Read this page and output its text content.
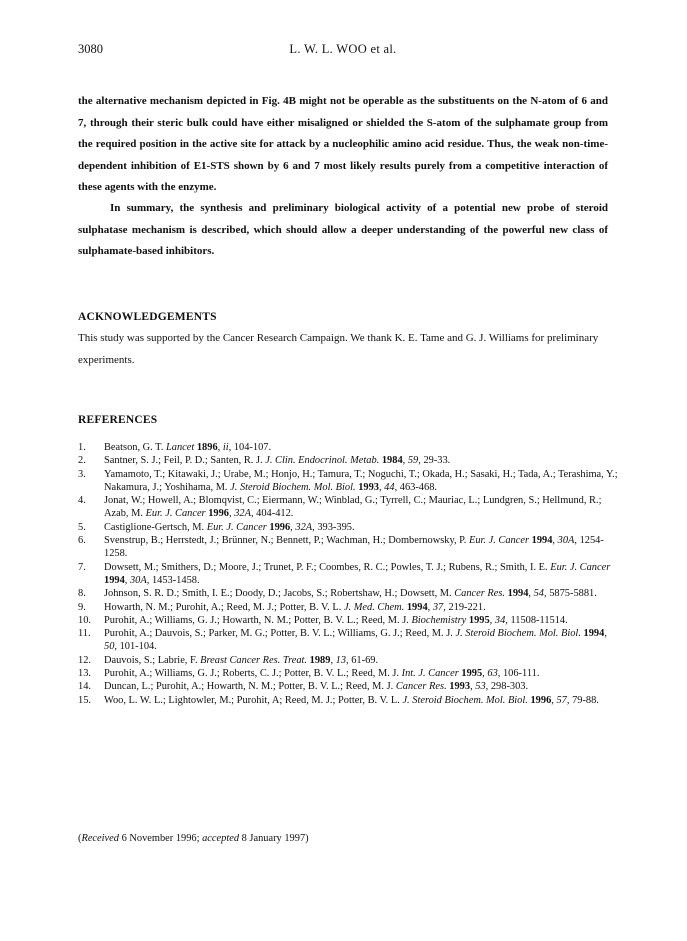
3080	L. W. L. WOO et al.

the alternative mechanism depicted in Fig. 4B might not be operable as the substituents on the N-atom of 6 and 7, through their steric bulk could have either misaligned or shielded the S-atom of the sulphamate group from the required position in the active site for attack by a nucleophilic amino acid residue. Thus, the weak non-time-dependent inhibition of E1-STS shown by 6 and 7 most likely results purely from a competitive interaction of these agents with the enzyme.

In summary, the synthesis and preliminary biological activity of a potential new probe of steroid sulphatase mechanism is described, which should allow a deeper understanding of the powerful new class of sulphamate-based inhibitors.

ACKNOWLEDGEMENTS

This study was supported by the Cancer Research Campaign. We thank K. E. Tame and G. J. Williams for preliminary experiments.

REFERENCES
1. Beatson, G. T. Lancet 1896, ii, 104-107.
2. Santner, S. J.; Feil, P. D.; Santen, R. J. J. Clin. Endocrinol. Metab. 1984, 59, 29-33.
3. Yamamoto, T.; Kitawaki, J.; Urabe, M.; Honjo, H.; Tamura, T.; Noguchi, T.; Okada, H.; Sasaki, H.; Tada, A.; Terashima, Y.; Nakamura, J.; Yoshihama, M. J. Steroid Biochem. Mol. Biol. 1993, 44, 463-468.
4. Jonat, W.; Howell, A.; Blomqvist, C.; Eiermann, W.; Winblad, G.; Tyrrell, C.; Mauriac, L.; Lundgren, S.; Hellmund, R.; Azab, M. Eur. J. Cancer 1996, 32A, 404-412.
5. Castiglione-Gertsch, M. Eur. J. Cancer 1996, 32A, 393-395.
6. Svenstrup, B.; Herrstedt, J.; Brünner, N.; Bennett, P.; Wachman, H.; Dombernowsky, P. Eur. J. Cancer 1994, 30A, 1254-1258.
7. Dowsett, M.; Smithers, D.; Moore, J.; Trunet, P. F.; Coombes, R. C.; Powles, T. J.; Rubens, R.; Smith, I. E. Eur. J. Cancer 1994, 30A, 1453-1458.
8. Johnson, S. R. D.; Smith, I. E.; Doody, D.; Jacobs, S.; Robertshaw, H.; Dowsett, M. Cancer Res. 1994, 54, 5875-5881.
9. Howarth, N. M.; Purohit, A.; Reed, M. J.; Potter, B. V. L. J. Med. Chem. 1994, 37, 219-221.
10. Purohit, A.; Williams, G. J.; Howarth, N. M.; Potter, B. V. L.; Reed, M. J. Biochemistry 1995, 34, 11508-11514.
11. Purohit, A.; Dauvois, S.; Parker, M. G.; Potter, B. V. L.; Williams, G. J.; Reed, M. J. J. Steroid Biochem. Mol. Biol. 1994, 50, 101-104.
12. Dauvois, S.; Labrie, F. Breast Cancer Res. Treat. 1989, 13, 61-69.
13. Purohit, A.; Williams, G. J.; Roberts, C. J.; Potter, B. V. L.; Reed, M. J. Int. J. Cancer 1995, 63, 106-111.
14. Duncan, L.; Purohit, A.; Howarth, N. M.; Potter, B. V. L.; Reed, M. J. Cancer Res. 1993, 53, 298-303.
15. Woo, L. W. L.; Lightowler, M.; Purohit, A; Reed, M. J.; Potter, B. V. L. J. Steroid Biochem. Mol. Biol. 1996, 57, 79-88.
(Received 6 November 1996; accepted 8 January 1997)
